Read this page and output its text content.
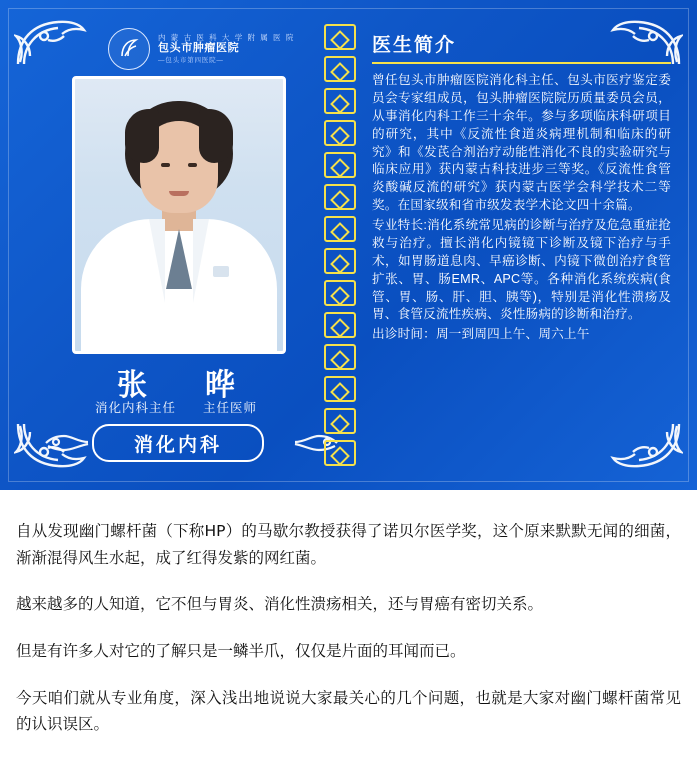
内 蒙 古 医 科 大 学 附 属 医 院
包头市肿瘤医院
—包头市第四医院—
张　晔
消化内科主任　　主任医师
消化内科
医生简介

曾任包头市肿瘤医院消化科主任、包头市医疗鉴定委员会专家组成员，包头肿瘤医院院历质量委员会员，从事消化内科工作三十余年。参与多项临床科研项目的研究，其中《反流性食道炎病理机制和临床的研究》和《发芪合剂治疗动能性消化不良的实验研究与临床应用》获内蒙古科技进步三等奖。《反流性食管炎酸碱反流的研究》获内蒙古医学会科学技术二等奖。在国家级和省市级发表学术论文四十余篇。

专业特长:消化系统常见病的诊断与治疗及危急重症抢救与治疗。擅长消化内镜镜下诊断及镜下治疗与手术，如胃肠道息肉、早癌诊断、内镜下微创治疗食管扩张、胃、肠EMR、APC等。各种消化系统疾病(食管、胃、肠、肝、胆、胰等)，特别是消化性溃疡及胃、食管反流性疾病、炎性肠病的诊断和治疗。

出诊时间：周一到周四上午、周六上午

自从发现幽门螺杆菌（下称HP）的马歇尔教授获得了诺贝尔医学奖，这个原来默默无闻的细菌，渐渐混得风生水起，成了红得发紫的网红菌。

越来越多的人知道，它不但与胃炎、消化性溃疡相关，还与胃癌有密切关系。

但是有许多人对它的了解只是一鳞半爪，仅仅是片面的耳闻而已。

今天咱们就从专业角度，深入浅出地说说大家最关心的几个问题，也就是大家对幽门螺杆菌常见的认识误区。
